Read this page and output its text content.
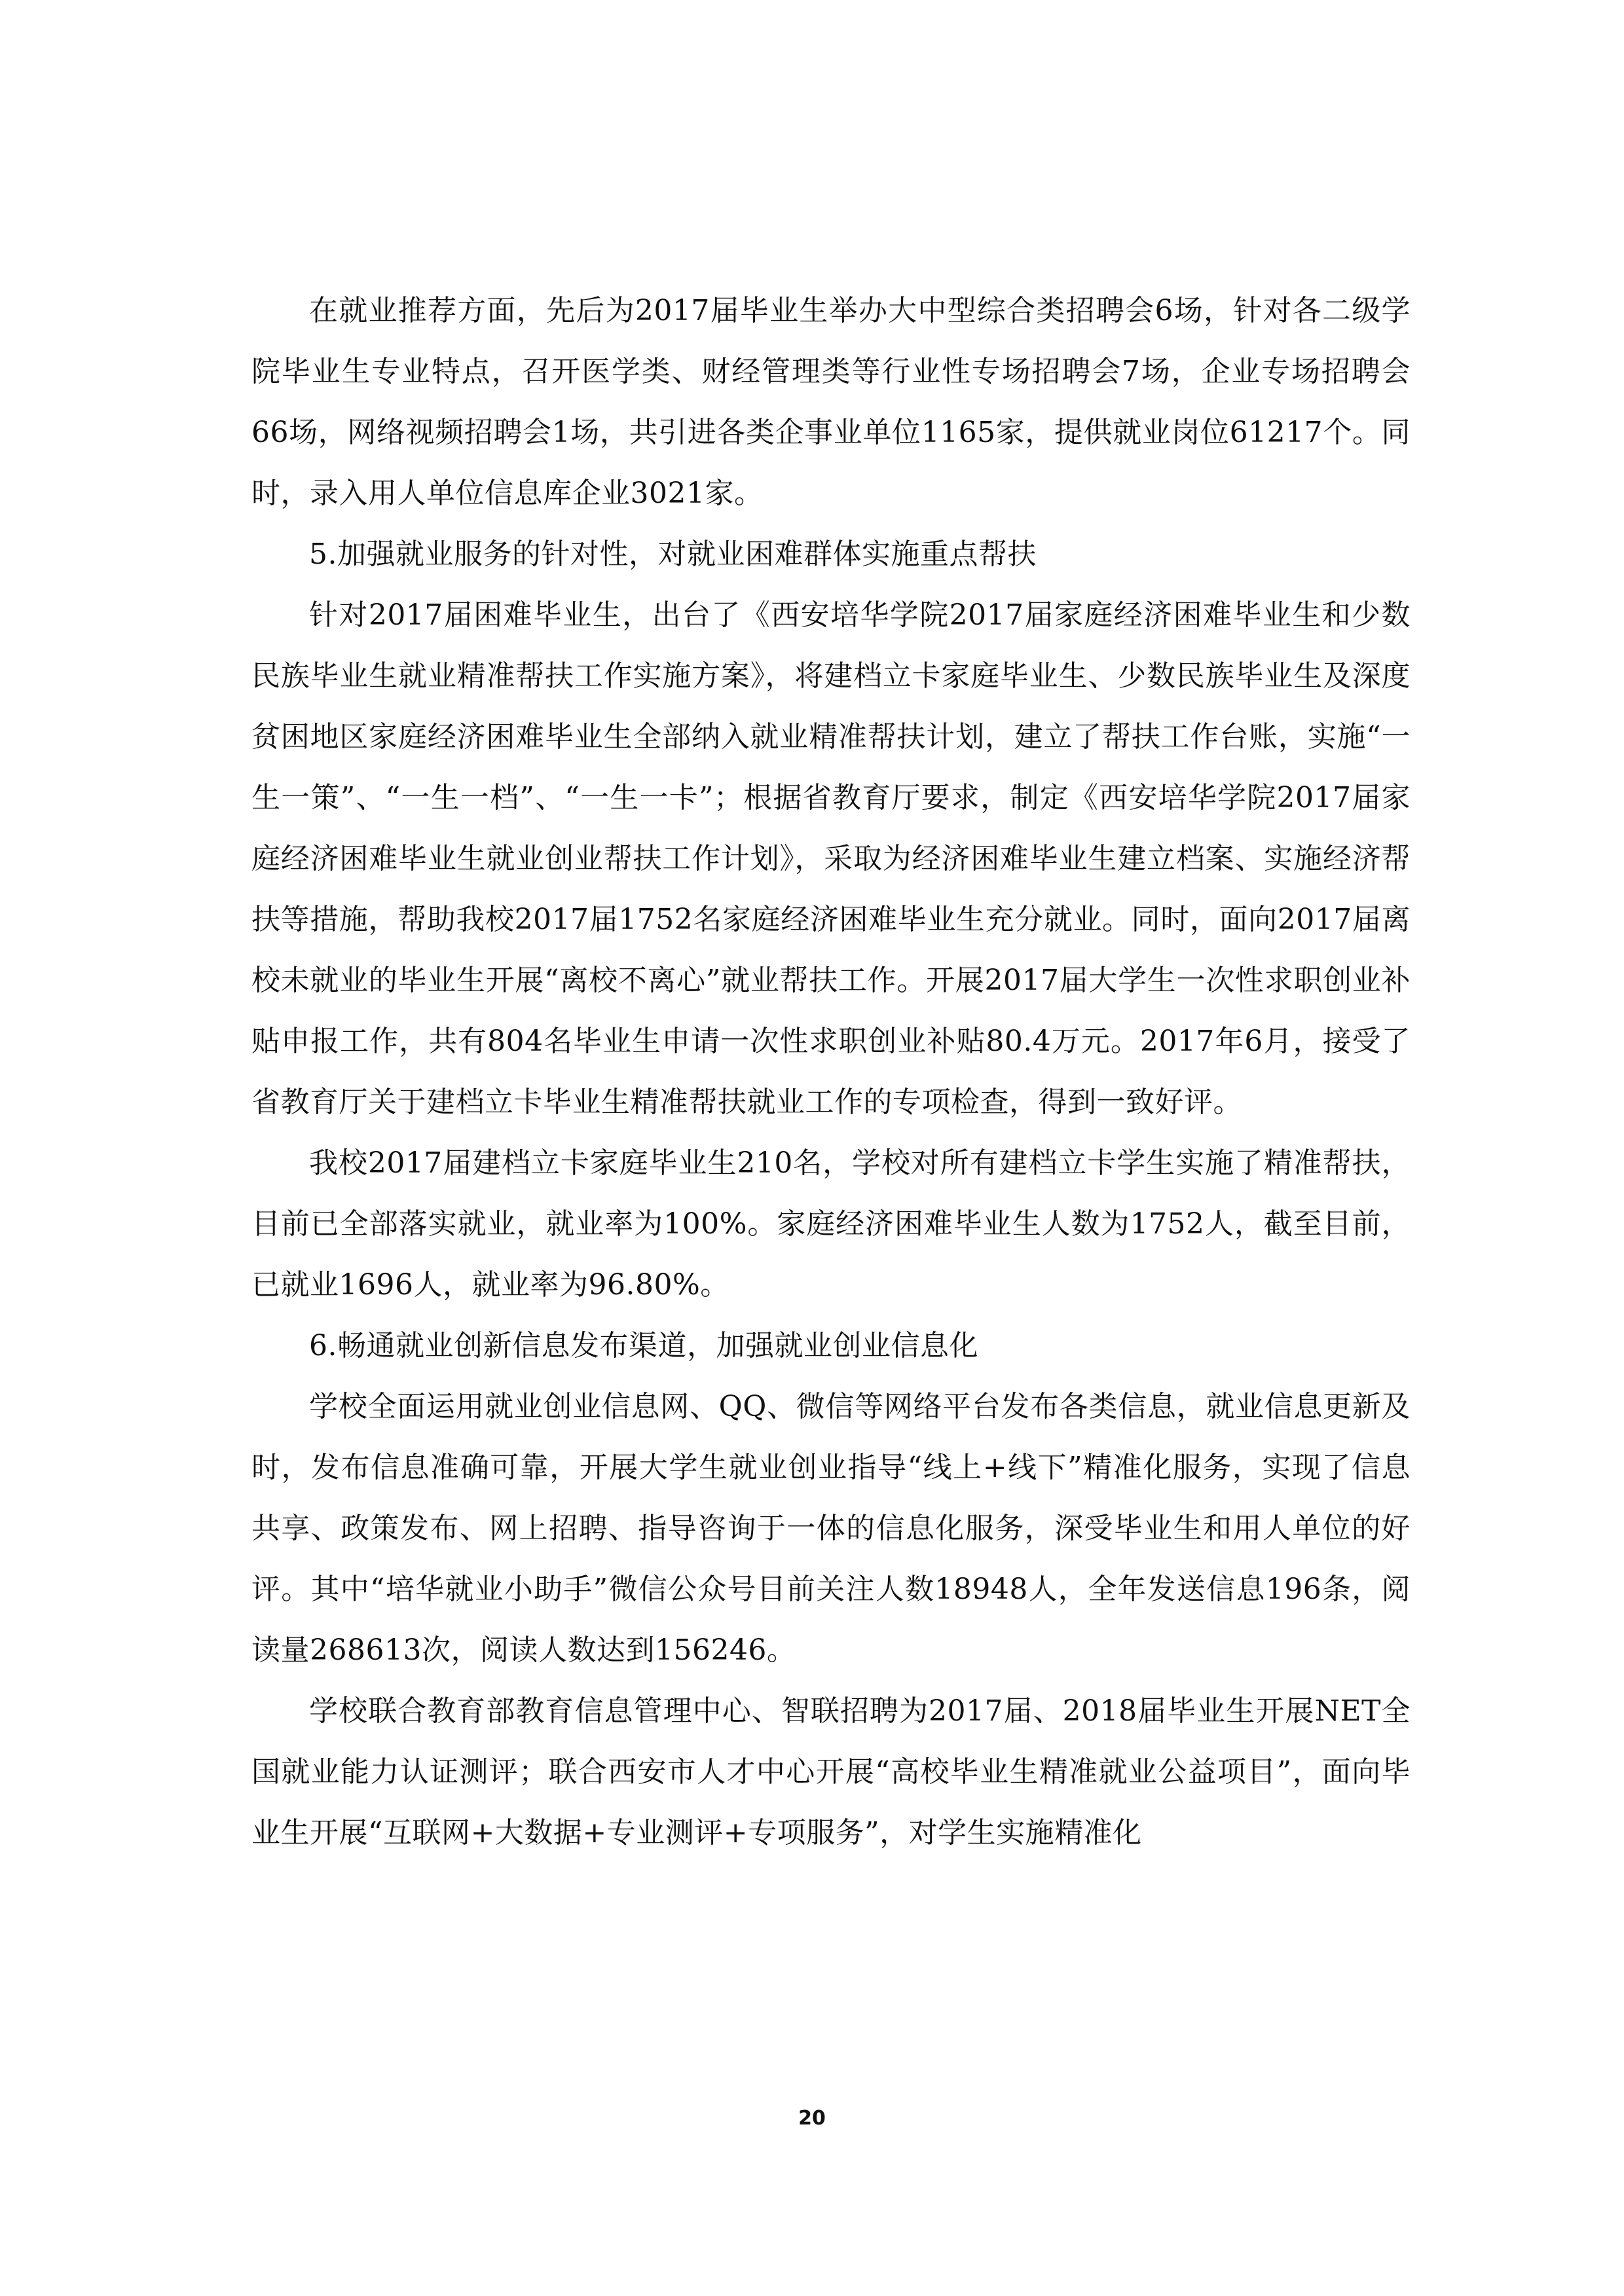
在就业推荐方面，先后为2017届毕业生举办大中型综合类招聘会6场，针对各二级学院毕业生专业特点，召开医学类、财经管理类等行业性专场招聘会7场，企业专场招聘会66场，网络视频招聘会1场，共引进各类企事业单位1165家，提供就业岗位61217个。同时，录入用人单位信息库企业3021家。

5.加强就业服务的针对性，对就业困难群体实施重点帮扶

针对2017届困难毕业生，出台了《西安培华学院2017届家庭经济困难毕业生和少数民族毕业生就业精准帮扶工作实施方案》，将建档立卡家庭毕业生、少数民族毕业生及深度贫困地区家庭经济困难毕业生全部纳入就业精准帮扶计划，建立了帮扶工作台账，实施“一生一策”、“一生一档”、“一生一卡”；根据省教育厅要求，制定《西安培华学院2017届家庭经济困难毕业生就业创业帮扶工作计划》，采取为经济困难毕业生建立档案、实施经济帮扶等措施，帮助我校2017届1752名家庭经济困难毕业生充分就业。同时，面向2017届离校未就业的毕业生开展“离校不离心”就业帮扶工作。开展2017届大学生一次性求职创业补贴申报工作，共有804名毕业生申请一次性求职创业补贴80.4万元。2017年6月，接受了省教育厅关于建档立卡毕业生精准帮扶就业工作的专项检查，得到一致好评。

我校2017届建档立卡家庭毕业生210名，学校对所有建档立卡学生实施了精准帮扶，目前已全部落实就业，就业率为100%。家庭经济困难毕业生人数为1752人，截至目前，已就业1696人，就业率为96.80%。

6.畅通就业创新信息发布渠道，加强就业创业信息化

学校全面运用就业创业信息网、QQ、微信等网络平台发布各类信息，就业信息更新及时，发布信息准确可靠，开展大学生就业创业指导“线上+线下”精准化服务，实现了信息共享、政策发布、网上招聘、指导咨询于一体的信息化服务，深受毕业生和用人单位的好评。其中“培华就业小助手”微信公众号目前关注人数18948人，全年发送信息196条，阅读量268613次，阅读人数达到156246。

学校联合教育部教育信息管理中心、智联招聘为2017届、2018届毕业生开展NET全国就业能力认证测评；联合西安市人才中心开展“高校毕业生精准就业公益项目”，面向毕业生开展“互联网+大数据+专业测评+专项服务”，对学生实施精准化

20
